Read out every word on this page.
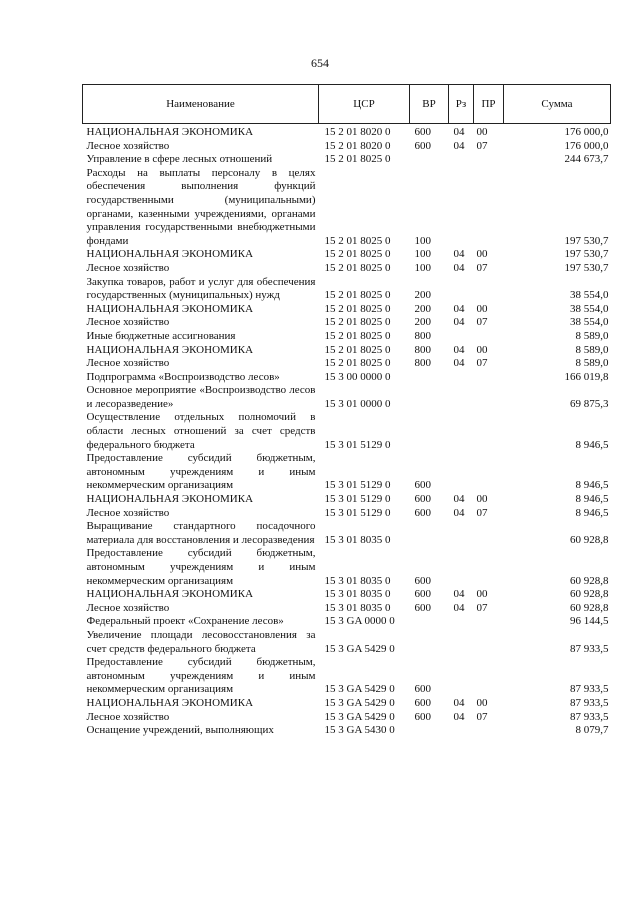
654
Наименование	ЦСР	ВР	Рз	ПР	Сумма
НАЦИОНАЛЬНАЯ ЭКОНОМИКА	15 2 01 8020 0	600	04	00	176 000,0
Лесное хозяйство	15 2 01 8020 0	600	04	07	176 000,0
Управление в сфере лесных отношений	15 2 01 8025 0				244 673,7
Расходы на выплаты персоналу в целях обеспечения выполнения функций государственными (муниципальными) органами, казенными учреждениями, органами управления государственными внебюджетными фондами	15 2 01 8025 0	100			197 530,7
НАЦИОНАЛЬНАЯ ЭКОНОМИКА	15 2 01 8025 0	100	04	00	197 530,7
Лесное хозяйство	15 2 01 8025 0	100	04	07	197 530,7
Закупка товаров, работ и услуг для обеспечения государственных (муниципальных) нужд	15 2 01 8025 0	200			38 554,0
НАЦИОНАЛЬНАЯ ЭКОНОМИКА	15 2 01 8025 0	200	04	00	38 554,0
Лесное хозяйство	15 2 01 8025 0	200	04	07	38 554,0
Иные бюджетные ассигнования	15 2 01 8025 0	800			8 589,0
НАЦИОНАЛЬНАЯ ЭКОНОМИКА	15 2 01 8025 0	800	04	00	8 589,0
Лесное хозяйство	15 2 01 8025 0	800	04	07	8 589,0
Подпрограмма «Воспроизводство лесов»	15 3 00 0000 0				166 019,8
Основное мероприятие «Воспроизводство лесов и лесоразведение»	15 3 01 0000 0				69 875,3
Осуществление отдельных полномочий в области лесных отношений за счет средств федерального бюджета	15 3 01 5129 0				8 946,5
Предоставление субсидий бюджетным, автономным учреждениям и иным некоммерческим организациям	15 3 01 5129 0	600			8 946,5
НАЦИОНАЛЬНАЯ ЭКОНОМИКА	15 3 01 5129 0	600	04	00	8 946,5
Лесное хозяйство	15 3 01 5129 0	600	04	07	8 946,5
Выращивание стандартного посадочного материала для восстановления и лесоразведения	15 3 01 8035 0				60 928,8
Предоставление субсидий бюджетным, автономным учреждениям и иным некоммерческим организациям	15 3 01 8035 0	600			60 928,8
НАЦИОНАЛЬНАЯ ЭКОНОМИКА	15 3 01 8035 0	600	04	00	60 928,8
Лесное хозяйство	15 3 01 8035 0	600	04	07	60 928,8
Федеральный проект «Сохранение лесов»	15 3 GA 0000 0				96 144,5
Увеличение площади лесовосстановления за счет средств федерального бюджета	15 3 GA 5429 0				87 933,5
Предоставление субсидий бюджетным, автономным учреждениям и иным некоммерческим организациям	15 3 GA 5429 0	600			87 933,5
НАЦИОНАЛЬНАЯ ЭКОНОМИКА	15 3 GA 5429 0	600	04	00	87 933,5
Лесное хозяйство	15 3 GA 5429 0	600	04	07	87 933,5
Оснащение учреждений, выполняющих	15 3 GA 5430 0				8 079,7
